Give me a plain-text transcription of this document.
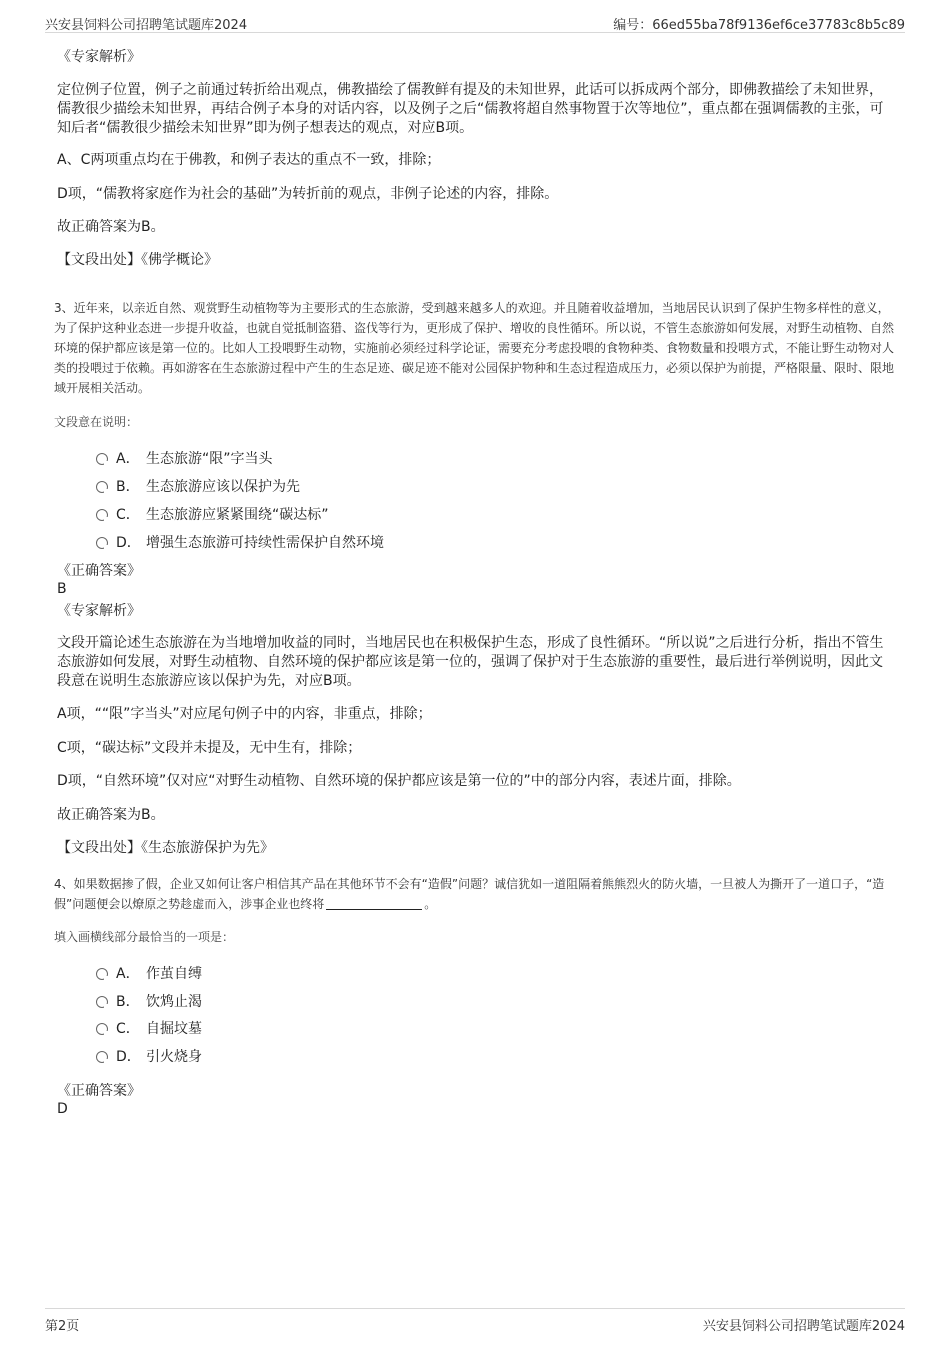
兴安县饲料公司招聘笔试题库2024	编号：66ed55ba78f9136ef6ce37783c8b5c89
《专家解析》
定位例子位置，例子之前通过转折给出观点，佛教描绘了儒教鲜有提及的未知世界，此话可以拆成两个部分，即佛教描绘了未知世界，儒教很少描绘未知世界，再结合例子本身的对话内容，以及例子之后“儒教将超自然事物置于次等地位”，重点都在强调儒教的主张，可知后者“儒教很少描绘未知世界”即为例子想表达的观点，对应B项。
A、C两项重点均在于佛教，和例子表达的重点不一致，排除；
D项，“儒教将家庭作为社会的基础”为转折前的观点，非例子论述的内容，排除。
故正确答案为B。
【文段出处】《佛学概论》
3、近年来，以亲近自然、观赏野生动植物等为主要形式的生态旅游，受到越来越多人的欢迎。并且随着收益增加，当地居民认识到了保护生物多样性的意义，为了保护这种业态进一步提升收益，也就自觉抵制盗猎、盗伐等行为，更形成了保护、增收的良性循环。所以说，不管生态旅游如何发展，对野生动植物、自然环境的保护都应该是第一位的。比如人工投喂野生动物，实施前必须经过科学论证，需要充分考虑投喂的食物种类、食物数量和投喂方式，不能让野生动物对人类的投喂过于依赖。再如游客在生态旅游过程中产生的生态足迹、碳足迹不能对公园保护物种和生态过程造成压力，必须以保护为前提，严格限量、限时、限地域开展相关活动。
文段意在说明：
A． 生态旅游“限”字当头
B． 生态旅游应该以保护为先
C． 生态旅游应紧紧围绕“碳达标”
D． 增强生态旅游可持续性需保护自然环境
《正确答案》
B
《专家解析》
文段开篇论述生态旅游在为当地增加收益的同时，当地居民也在积极保护生态，形成了良性循环。“所以说”之后进行分析，指出不管生态旅游如何发展，对野生动植物、自然环境的保护都应该是第一位的，强调了保护对于生态旅游的重要性，最后进行举例说明，因此文段意在说明生态旅游应该以保护为先，对应B项。
A项，““限”字当头”对应尾句例子中的内容，非重点，排除；
C项，“碳达标”文段并未提及，无中生有，排除；
D项，“自然环境”仅对应“对野生动植物、自然环境的保护都应该是第一位的”中的部分内容，表述片面，排除。
故正确答案为B。
【文段出处】《生态旅游保护为先》
4、如果数据掺了假，企业又如何让客户相信其产品在其他环节不会有“造假”问题？诚信犹如一道阻隔着熊熊烈火的防火墙，一旦被人为撕开了一道口子，“造假”问题便会以燎原之势趁虚而入，涉事企业也终将	。
填入画横线部分最恰当的一项是：
A． 作茧自缚
B． 饮鸩止渴
C． 自掘坟墓
D． 引火烧身
《正确答案》
D
第2页	兴安县饲料公司招聘笔试题库2024
